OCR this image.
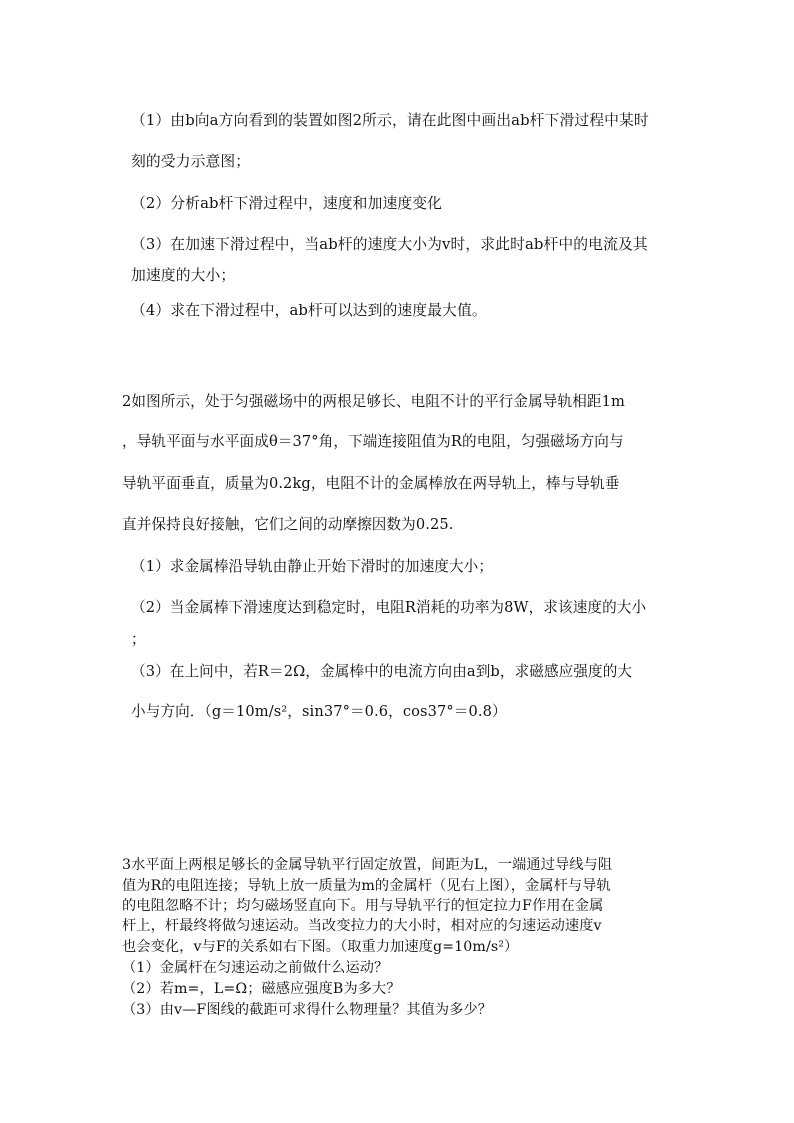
（1）由b向a方向看到的装置如图2所示，请在此图中画出ab杆下滑过程中某时
刻的受力示意图；
（2）分析ab杆下滑过程中，速度和加速度变化
（3）在加速下滑过程中，当ab杆的速度大小为v时，求此时ab杆中的电流及其
加速度的大小；
（4）求在下滑过程中，ab杆可以达到的速度最大值。
2如图所示，处于匀强磁场中的两根足够长、电阻不计的平行金属导轨相距1m
，导轨平面与水平面成θ＝37°角，下端连接阻值为R的电阻，匀强磁场方向与
导轨平面垂直，质量为0.2kg，电阻不计的金属棒放在两导轨上，棒与导轨垂
直并保持良好接触，它们之间的动摩擦因数为0.25.
（1）求金属棒沿导轨由静止开始下滑时的加速度大小；
（2）当金属棒下滑速度达到稳定时，电阻R消耗的功率为8W，求该速度的大小
；
（3）在上问中，若R＝2Ω，金属棒中的电流方向由a到b，求磁感应强度的大
小与方向．（g＝10m/s²，sin37°＝0.6，cos37°＝0.8）
3水平面上两根足够长的金属导轨平行固定放置，间距为L，一端通过导线与阻
值为R的电阻连接；导轨上放一质量为m的金属杆（见右上图），金属杆与导轨
的电阻忽略不计；均匀磁场竖直向下。用与导轨平行的恒定拉力F作用在金属
杆上，杆最终将做匀速运动。当改变拉力的大小时，相对应的匀速运动速度v
也会变化，v与F的关系如右下图。（取重力加速度g=10m/s²）
（1）金属杆在匀速运动之前做什么运动？
（2）若m=，L=Ω；磁感应强度B为多大？
（3）由v—F图线的截距可求得什么物理量？其值为多少？
